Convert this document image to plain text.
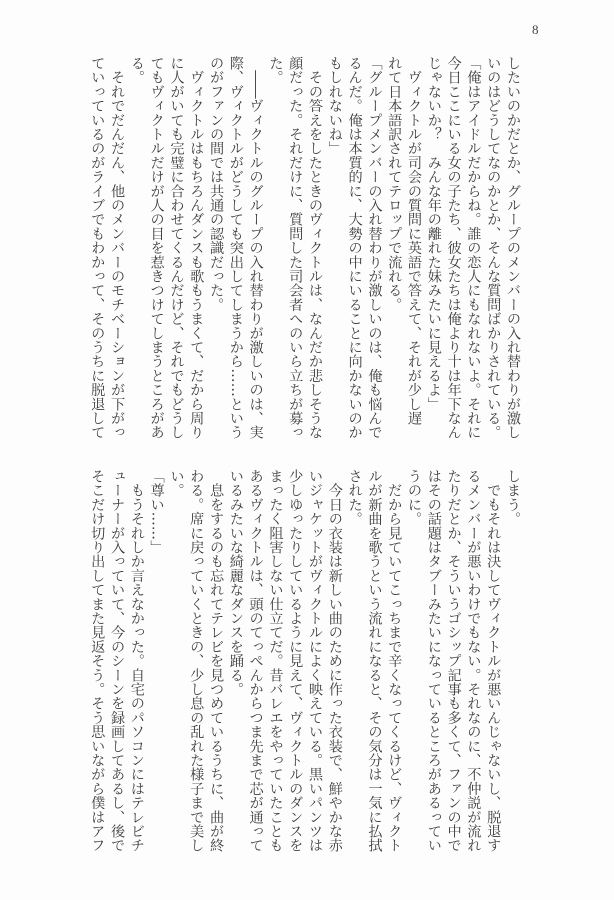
8
したいのかだとか、グループのメンバーの入れ替わりが激し
いのはどうしてなのかとか、そんな質問ばかりされている。
「俺はアイドルだからね。誰の恋人にもなれないよ。それに
今日ここにいる女の子たち、彼女たちは俺より十は年下なん
じゃないか？　みんな年の離れた妹みたいに見えるよ」
　ヴィクトルが司会の質問に英語で答えて、それが少し遅
れて日本語訳されてテロップで流れる。
「グループメンバーの入れ替わりが激しいのは、俺も悩んで
るんだ。俺は本質的に、大勢の中にいることに向かないのか
もしれないね」
　その答えをしたときのヴィクトルは、なんだか悲しそうな
顔だった。それだけに、質問した司会者へのいら立ちが募っ
た。
　――ヴィクトルのグループの入れ替わりが激しいのは、実
際、ヴィクトルがどうしても突出してしまうから……という
のがファンの間では共通の認識だった。
　ヴィクトルはもちろんダンスも歌もうまくて、だから周り
に人がいても完璧に合わせてくるんだけど、それでもどうし
てもヴィクトルだけが人の目を惹きつけてしまうところがあ
る。
　それでだんだん、他のメンバーのモチベーションが下がっ
ていっているのがライブでもわかって、そのうちに脱退して
しまう。
　でもそれは決してヴィクトルが悪いんじゃないし、脱退す
るメンバーが悪いわけでもない。それなのに、不仲説が流れ
たりだとか、そういうゴシップ記事も多くて、ファンの中で
はその話題はタブーみたいになっているところがあるってい
うのに。
　だから見ていてこっちまで辛くなってくるけど、ヴィクト
ルが新曲を歌うという流れになると、その気分は一気に払拭
された。
　今日の衣装は新しい曲のために作った衣装で、鮮やかな赤
いジャケットがヴィクトルによく映えている。黒いパンツは
少しゆったりしているように見えて、ヴィクトルのダンスを
まったく阻害しない仕立てだ。昔バレエをやっていたことも
あるヴィクトルは、頭のてっぺんからつま先まで芯が通って
いるみたいな綺麗なダンスを踊る。
　息をするのも忘れてテレビを見つめているうちに、曲が終
わる。席に戻っていくときの、少し息の乱れた様子まで美し
い。
「尊い……」
　もうそれしか言えなかった。自宅のパソコンにはテレビチ
ューナーが入っていて、今のシーンを録画してあるし、後で
そこだけ切り出してまた見返そう。そう思いながら僕はアフ
